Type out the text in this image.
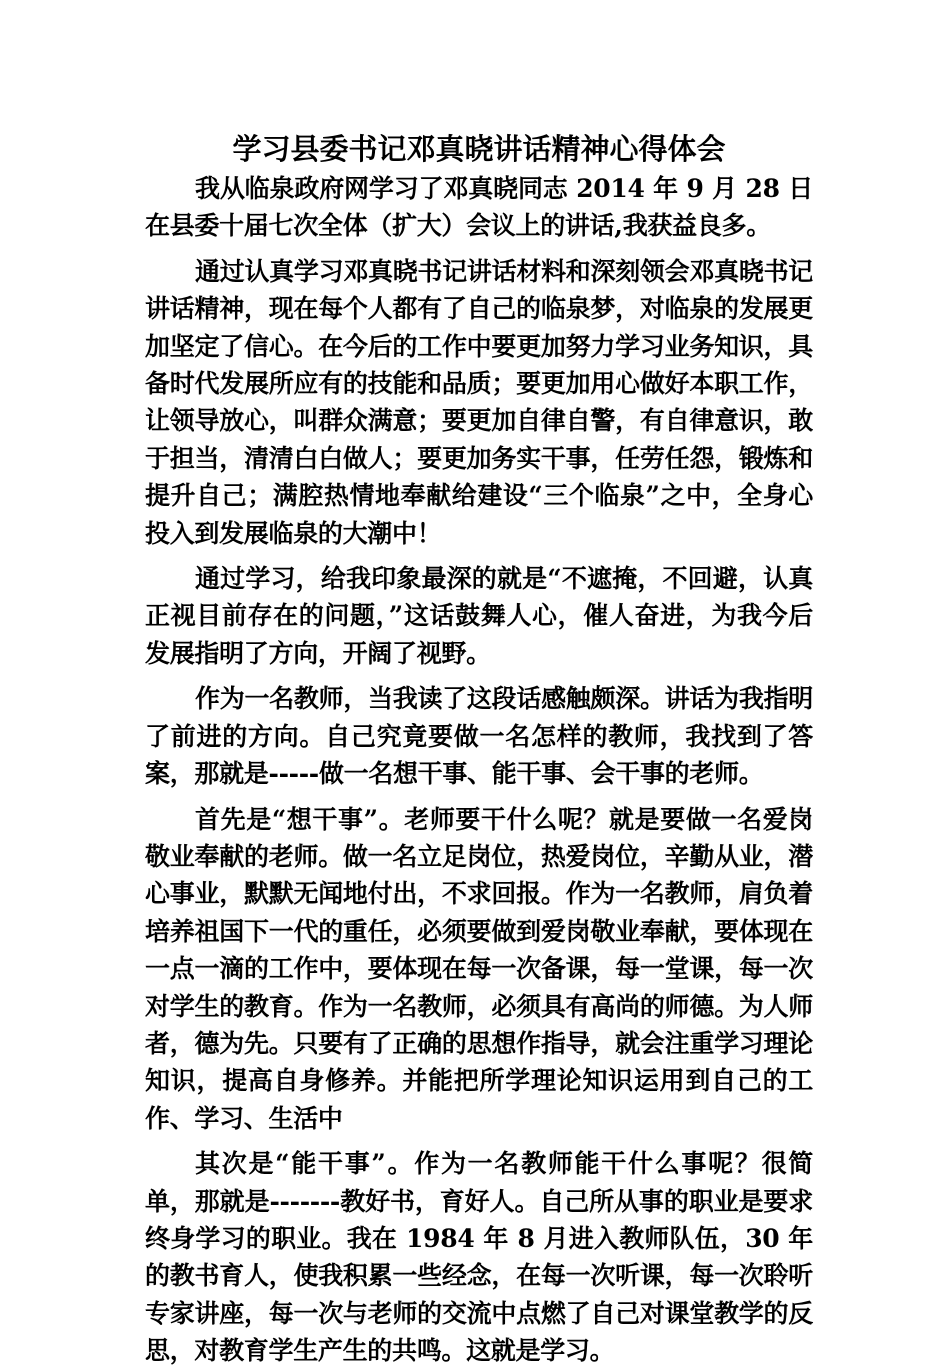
学习县委书记邓真晓讲话精神心得体会

我从临泉政府网学习了邓真晓同志 2014 年 9 月 28 日在县委十届七次全体（扩大）会议上的讲话,我获益良多。

通过认真学习邓真晓书记讲话材料和深刻领会邓真晓书记讲话精神，现在每个人都有了自己的临泉梦，对临泉的发展更加坚定了信心。在今后的工作中要更加努力学习业务知识，具备时代发展所应有的技能和品质；要更加用心做好本职工作，让领导放心，叫群众满意；要更加自律自警，有自律意识，敢于担当，清清白白做人；要更加务实干事，任劳任怨，锻炼和提升自己；满腔热情地奉献给建设“三个临泉”之中，全身心投入到发展临泉的大潮中！

通过学习，给我印象最深的就是“不遮掩，不回避，认真正视目前存在的问题，”这话鼓舞人心，催人奋进，为我今后发展指明了方向，开阔了视野。

作为一名教师，当我读了这段话感触颇深。讲话为我指明了前进的方向。自己究竟要做一名怎样的教师，我找到了答案，那就是-----做一名想干事、能干事、会干事的老师。

首先是“想干事”。老师要干什么呢？就是要做一名爱岗敬业奉献的老师。做一名立足岗位，热爱岗位，辛勤从业，潜心事业，默默无闻地付出，不求回报。作为一名教师，肩负着培养祖国下一代的重任，必须要做到爱岗敬业奉献，要体现在一点一滴的工作中，要体现在每一次备课，每一堂课，每一次对学生的教育。作为一名教师，必须具有高尚的师德。为人师者，德为先。只要有了正确的思想作指导，就会注重学习理论知识，提高自身修养。并能把所学理论知识运用到自己的工作、学习、生活中

其次是“能干事”。作为一名教师能干什么事呢？很简单，那就是-------教好书，育好人。自己所从事的职业是要求终身学习的职业。我在 1984 年 8 月进入教师队伍，30 年的教书育人，使我积累一些经念，在每一次听课，每一次聆听专家讲座，每一次与老师的交流中点燃了自己对课堂教学的反思，对教育学生产生的共鸣。这就是学习。
